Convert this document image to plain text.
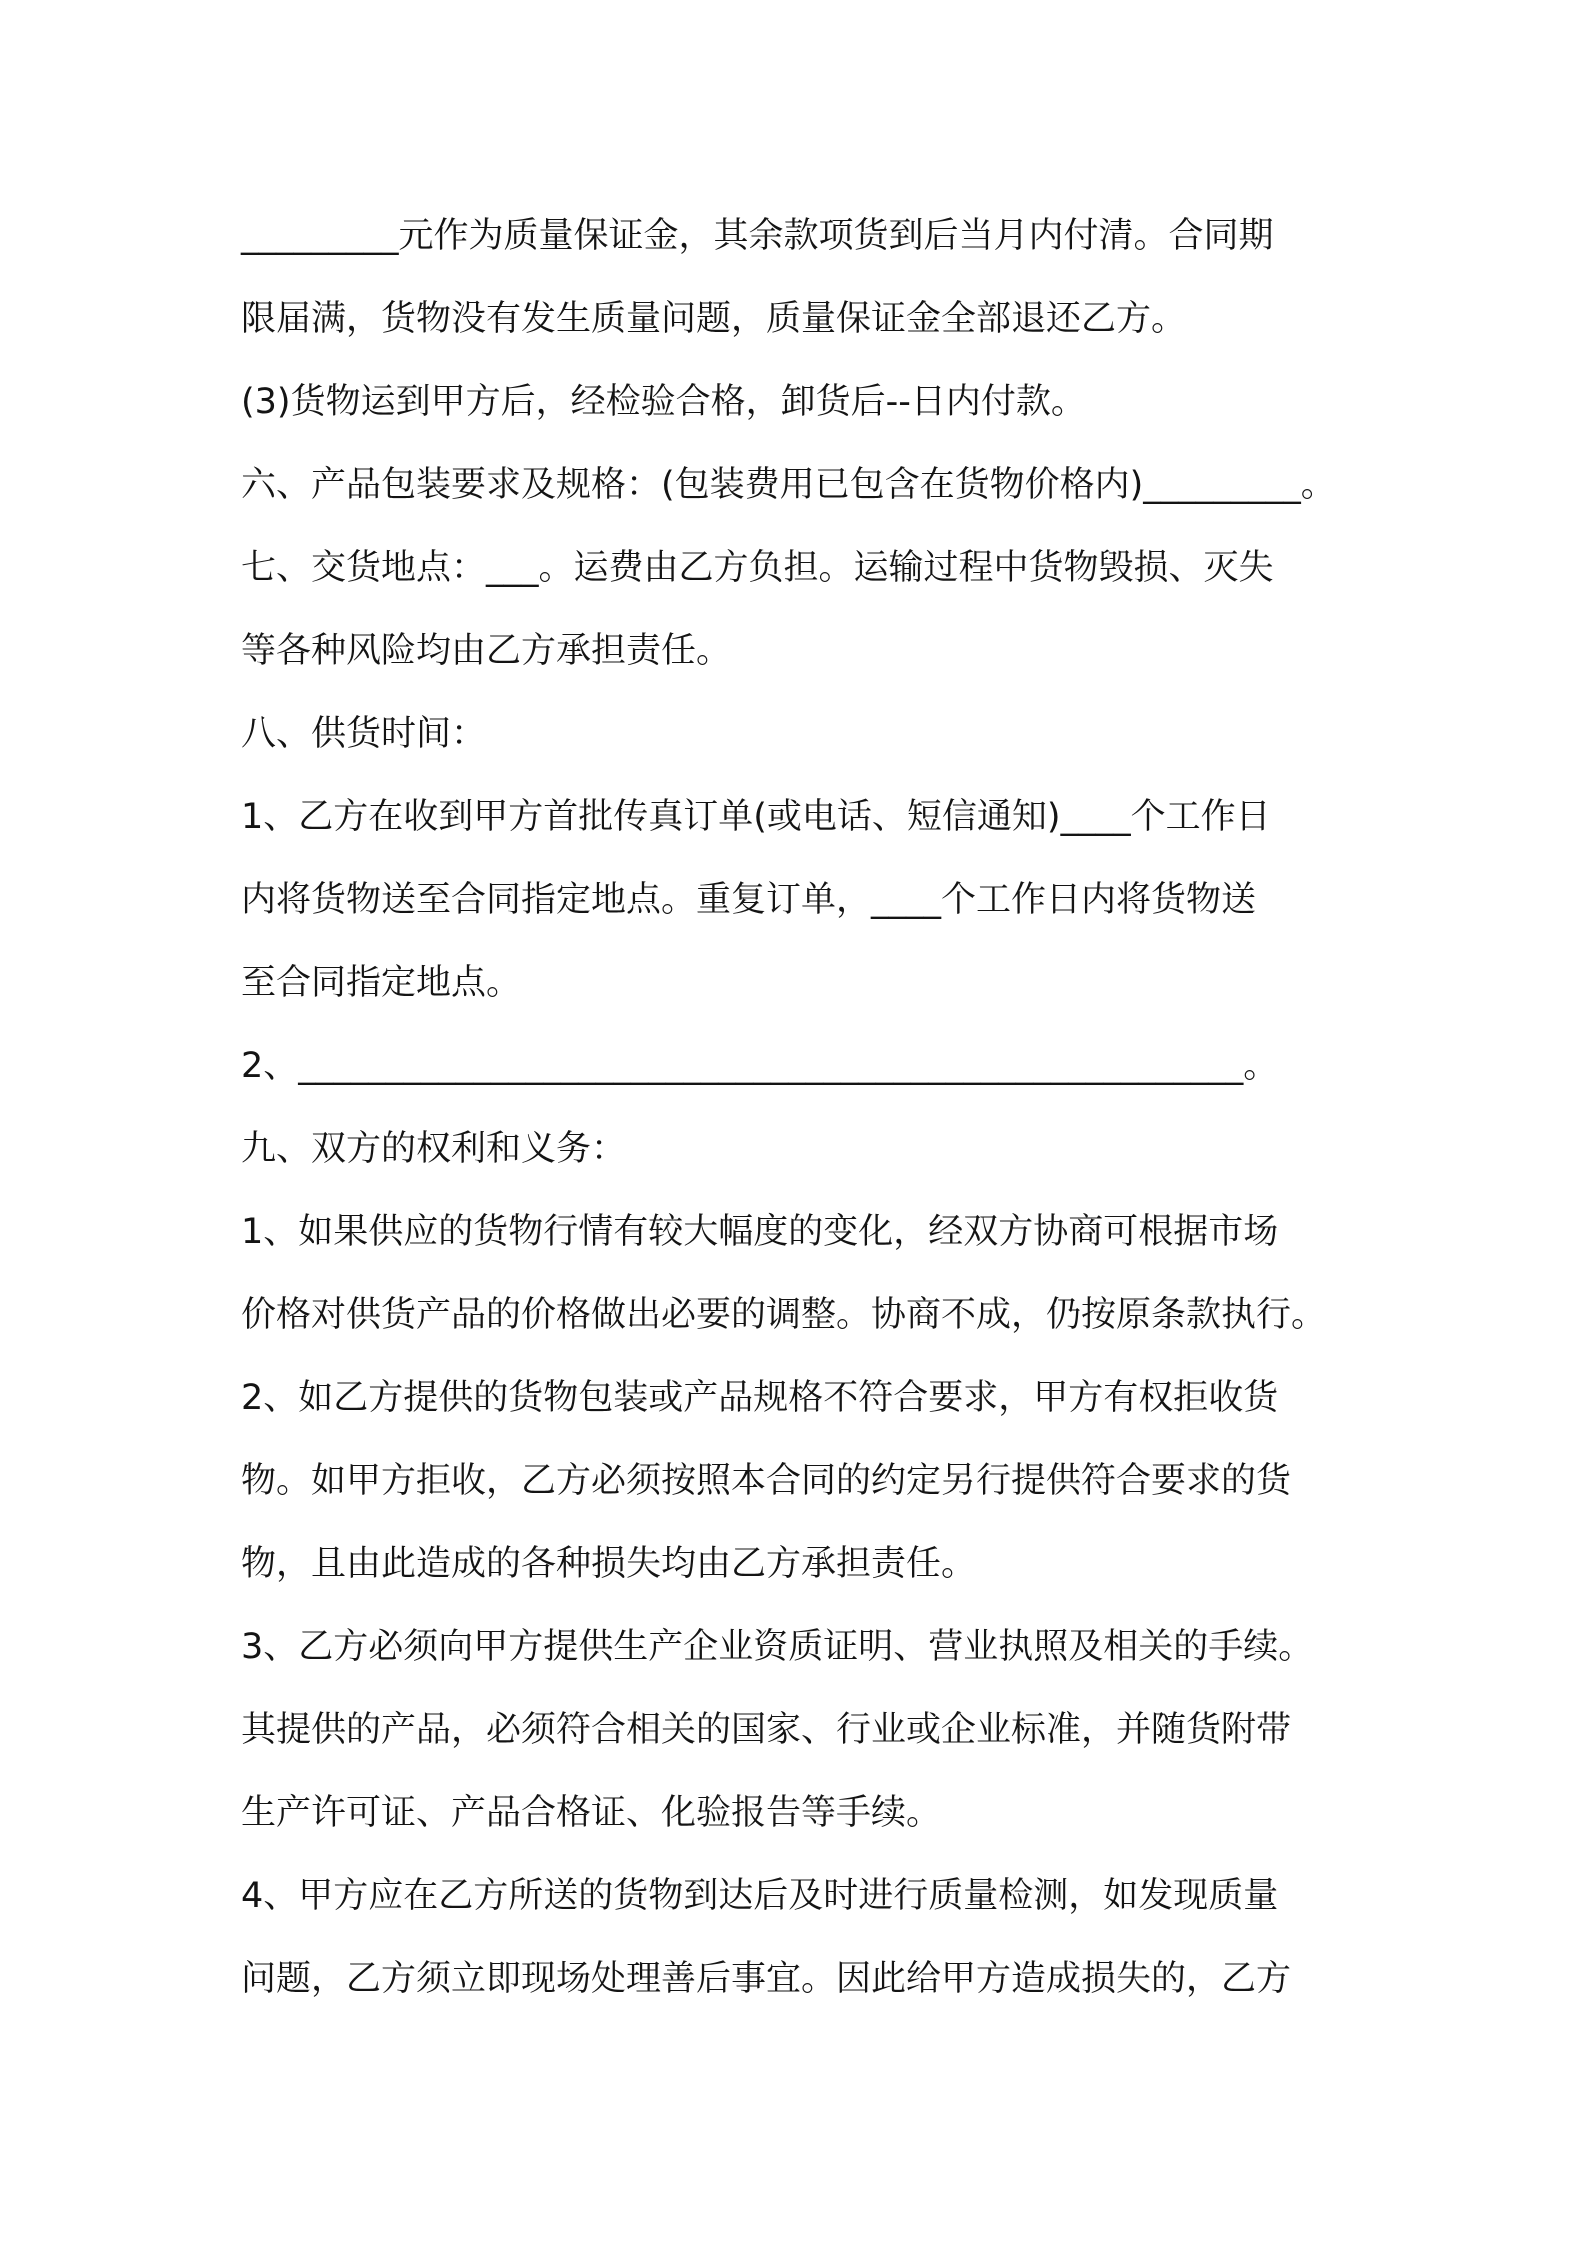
_________元作为质量保证金，其余款项货到后当月内付清。合同期
限届满，货物没有发生质量问题，质量保证金全部退还乙方。
(3)货物运到甲方后，经检验合格，卸货后--日内付款。
六、产品包装要求及规格：(包装费用已包含在货物价格内)_________。
七、交货地点：___。运费由乙方负担。运输过程中货物毁损、灭失
等各种风险均由乙方承担责任。
八、供货时间：
1、乙方在收到甲方首批传真订单(或电话、短信通知)____个工作日
内将货物送至合同指定地点。重复订单，____个工作日内将货物送
至合同指定地点。
2、______________________________________________________。
九、双方的权利和义务：
1、如果供应的货物行情有较大幅度的变化，经双方协商可根据市场
价格对供货产品的价格做出必要的调整。协商不成，仍按原条款执行。
2、如乙方提供的货物包装或产品规格不符合要求，甲方有权拒收货
物。如甲方拒收，乙方必须按照本合同的约定另行提供符合要求的货
物，且由此造成的各种损失均由乙方承担责任。
3、乙方必须向甲方提供生产企业资质证明、营业执照及相关的手续。
其提供的产品，必须符合相关的国家、行业或企业标准，并随货附带
生产许可证、产品合格证、化验报告等手续。
4、甲方应在乙方所送的货物到达后及时进行质量检测，如发现质量
问题，乙方须立即现场处理善后事宜。因此给甲方造成损失的，乙方
